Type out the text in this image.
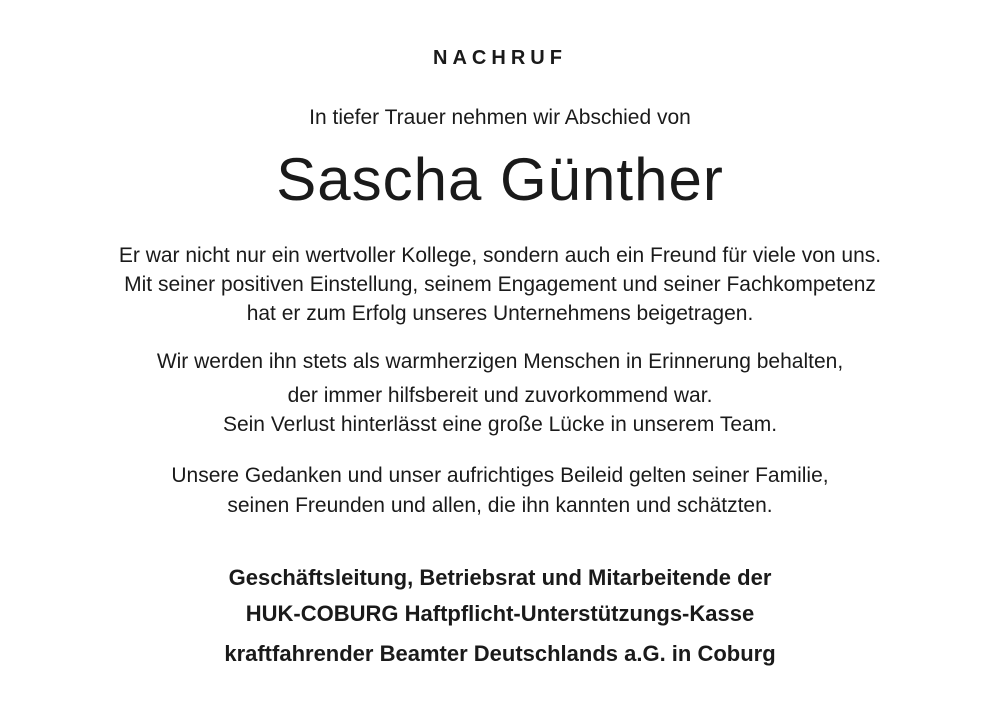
NACHRUF
In tiefer Trauer nehmen wir Abschied von
Sascha Günther
Er war nicht nur ein wertvoller Kollege, sondern auch ein Freund für viele von uns.
Mit seiner positiven Einstellung, seinem Engagement und seiner Fachkompetenz
hat er zum Erfolg unseres Unternehmens beigetragen.
Wir werden ihn stets als warmherzigen Menschen in Erinnerung behalten,
der immer hilfsbereit und zuvorkommend war.
Sein Verlust hinterlässt eine große Lücke in unserem Team.
Unsere Gedanken und unser aufrichtiges Beileid gelten seiner Familie,
seinen Freunden und allen, die ihn kannten und schätzten.
Geschäftsleitung, Betriebsrat und Mitarbeitende der
HUK-COBURG Haftpflicht-Unterstützungs-Kasse
kraftfahrender Beamter Deutschlands a.G. in Coburg
